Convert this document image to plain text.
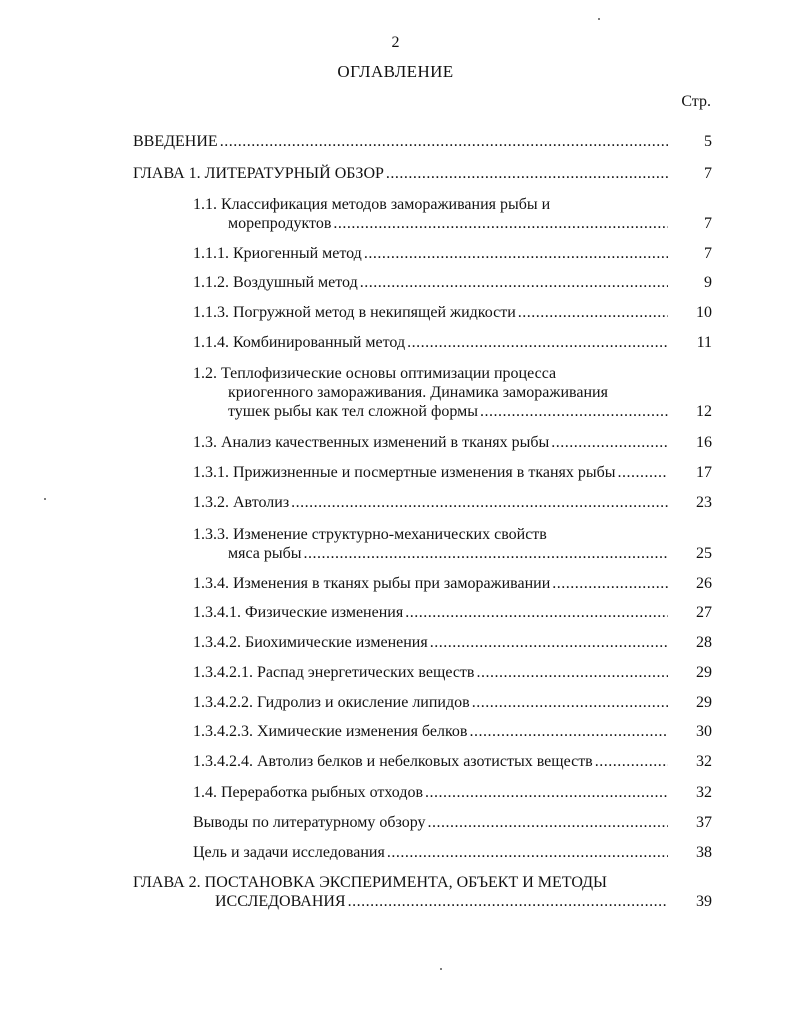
2
ОГЛАВЛЕНИЕ
Стр.
ВВЕДЕНИЕ .....	5
ГЛАВА 1. ЛИТЕРАТУРНЫЙ ОБЗОР .....	7
1.1. Классификация методов замораживания рыбы и
морепродуктов .....	7
1.1.1. Криогенный метод .....	7
1.1.2. Воздушный метод .....	9
1.1.3. Погружной метод в некипящей жидкости .....	10
1.1.4. Комбинированный метод .....	11
1.2. Теплофизические основы оптимизации процесса
криогенного замораживания. Динамика замораживания
тушек рыбы как тел сложной формы .....	12
1.3. Анализ качественных изменений в тканях рыбы .....	16
1.3.1. Прижизненные и посмертные изменения в тканях рыбы .....	17
1.3.2. Автолиз .....	23
1.3.3. Изменение структурно-механических свойств
мяса рыбы .....	25
1.3.4. Изменения в тканях рыбы при замораживании .....	26
1.3.4.1. Физические изменения .....	27
1.3.4.2. Биохимические изменения .....	28
1.3.4.2.1. Распад энергетических веществ .....	29
1.3.4.2.2. Гидролиз и окисление липидов .....	29
1.3.4.2.3. Химические изменения белков .....	30
1.3.4.2.4. Автолиз белков и небелковых азотистых веществ .....	32
1.4. Переработка рыбных отходов .....	32
Выводы по литературному обзору .....	37
Цель и задачи исследования .....	38
ГЛАВА 2. ПОСТАНОВКА ЭКСПЕРИМЕНТА, ОБЪЕКТ И МЕТОДЫ
ИССЛЕДОВАНИЯ .....	39
